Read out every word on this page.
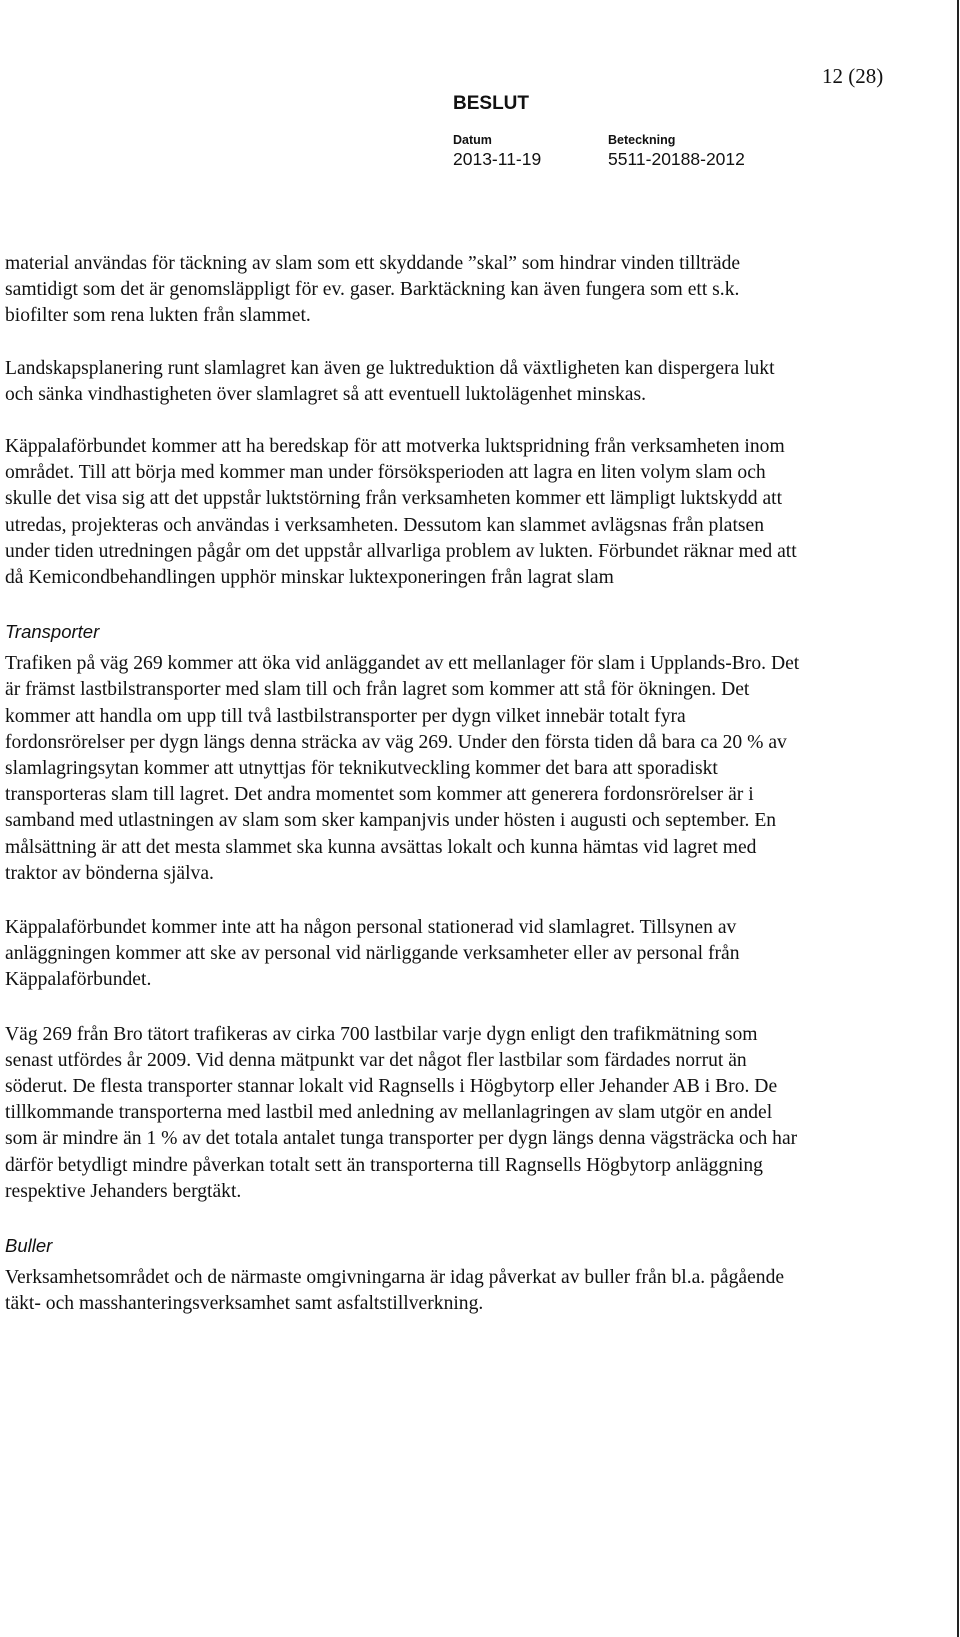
12 (28)
BESLUT
Datum
2013-11-19
Beteckning
5511-20188-2012

material användas för täckning av slam som ett skyddande ”skal” som hindrar vinden tillträde samtidigt som det är genomsläppligt för ev. gaser. Barktäckning kan även fungera som ett s.k. biofilter som rena lukten från slammet.

Landskapsplanering runt slamlagret kan även ge luktreduktion då växtligheten kan dispergera lukt och sänka vindhastigheten över slamlagret så att eventuell luktolägenhet minskas.

Käppalaförbundet kommer att ha beredskap för att motverka luktspridning från verksamheten inom området. Till att börja med kommer man under försöksperioden att lagra en liten volym slam och skulle det visa sig att det uppstår luktstörning från verksamheten kommer ett lämpligt luktskydd att utredas, projekteras och användas i verksamheten. Dessutom kan slammet avlägsnas från platsen under tiden utredningen pågår om det uppstår allvarliga problem av lukten. Förbundet räknar med att då Kemicondbehandlingen upphör minskar luktexponeringen från lagrat slam

Transporter

Trafiken på väg 269 kommer att öka vid anläggandet av ett mellanlager för slam i Upplands-Bro. Det är främst lastbilstransporter med slam till och från lagret som kommer att stå för ökningen. Det kommer att handla om upp till två lastbilstransporter per dygn vilket innebär totalt fyra fordonsrörelser per dygn längs denna sträcka av väg 269. Under den första tiden då bara ca 20 % av slamlagringsytan kommer att utnyttjas för teknikutveckling kommer det bara att sporadiskt transporteras slam till lagret. Det andra momentet som kommer att generera fordonsrörelser är i samband med utlastningen av slam som sker kampanjvis under hösten i augusti och september. En målsättning är att det mesta slammet ska kunna avsättas lokalt och kunna hämtas vid lagret med traktor av bönderna själva.

Käppalaförbundet kommer inte att ha någon personal stationerad vid slamlagret. Tillsynen av anläggningen kommer att ske av personal vid närliggande verksamheter eller av personal från Käppalaförbundet.

Väg 269 från Bro tätort trafikeras av cirka 700 lastbilar varje dygn enligt den trafikmätning som senast utfördes år 2009. Vid denna mätpunkt var det något fler lastbilar som färdades norrut än söderut. De flesta transporter stannar lokalt vid Ragnsells i Högbytorp eller Jehander AB i Bro. De tillkommande transporterna med lastbil med anledning av mellanlagringen av slam utgör en andel som är mindre än 1 % av det totala antalet tunga transporter per dygn längs denna vägsträcka och har därför betydligt mindre påverkan totalt sett än transporterna till Ragnsells Högbytorp anläggning respektive Jehanders bergtäkt.

Buller

Verksamhetsområdet och de närmaste omgivningarna är idag påverkat av buller från bl.a. pågående täkt- och masshanteringsverksamhet samt asfaltstillverkning.
